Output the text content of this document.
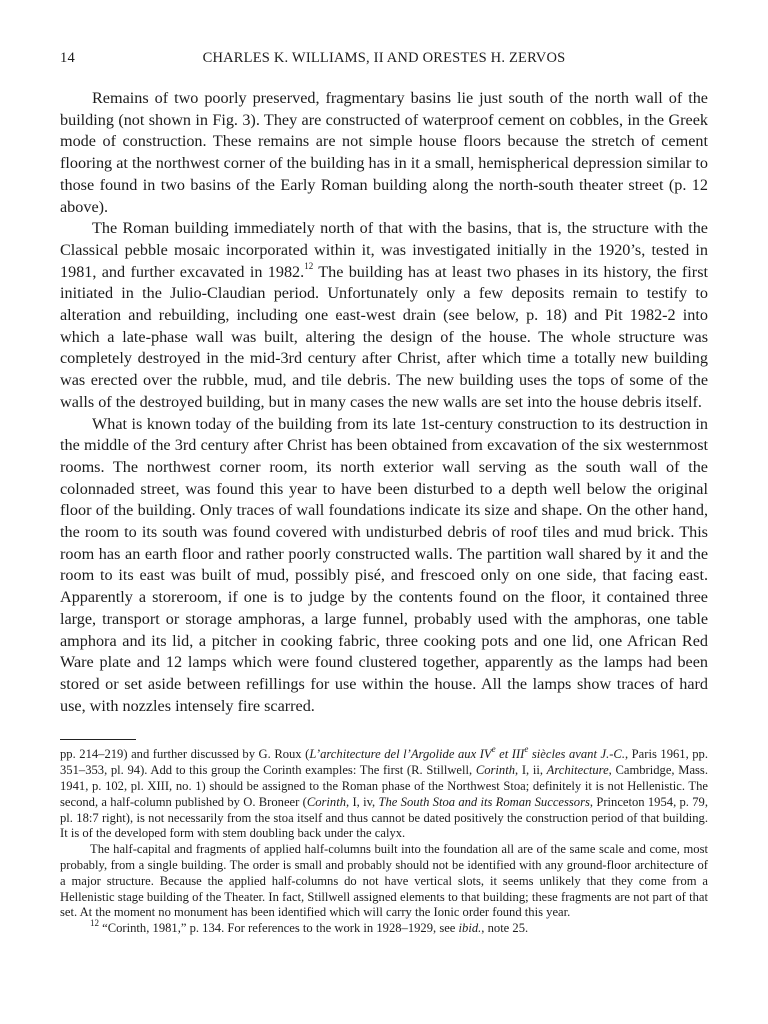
14	CHARLES K. WILLIAMS, II AND ORESTES H. ZERVOS

Remains of two poorly preserved, fragmentary basins lie just south of the north wall of the building (not shown in Fig. 3). They are constructed of waterproof cement on cobbles, in the Greek mode of construction. These remains are not simple house floors because the stretch of cement flooring at the northwest corner of the building has in it a small, hemispherical depression similar to those found in two basins of the Early Roman building along the north-south theater street (p. 12 above).

The Roman building immediately north of that with the basins, that is, the structure with the Classical pebble mosaic incorporated within it, was investigated initially in the 1920’s, tested in 1981, and further excavated in 1982.12 The building has at least two phases in its history, the first initiated in the Julio-Claudian period. Unfortunately only a few deposits remain to testify to alteration and rebuilding, including one east-west drain (see below, p. 18) and Pit 1982-2 into which a late-phase wall was built, altering the design of the house. The whole structure was completely destroyed in the mid-3rd century after Christ, after which time a totally new building was erected over the rubble, mud, and tile debris. The new building uses the tops of some of the walls of the destroyed building, but in many cases the new walls are set into the house debris itself.

What is known today of the building from its late 1st-century construction to its destruction in the middle of the 3rd century after Christ has been obtained from excavation of the six westernmost rooms. The northwest corner room, its north exterior wall serving as the south wall of the colonnaded street, was found this year to have been disturbed to a depth well below the original floor of the building. Only traces of wall foundations indicate its size and shape. On the other hand, the room to its south was found covered with undisturbed debris of roof tiles and mud brick. This room has an earth floor and rather poorly constructed walls. The partition wall shared by it and the room to its east was built of mud, possibly pisé, and frescoed only on one side, that facing east. Apparently a storeroom, if one is to judge by the contents found on the floor, it contained three large, transport or storage amphoras, a large funnel, probably used with the amphoras, one table amphora and its lid, a pitcher in cooking fabric, three cooking pots and one lid, one African Red Ware plate and 12 lamps which were found clustered together, apparently as the lamps had been stored or set aside between refillings for use within the house. All the lamps show traces of hard use, with nozzles intensely fire scarred.

pp. 214–219) and further discussed by G. Roux (L’architecture del l’Argolide aux IVe et IIIe siècles avant J.-C., Paris 1961, pp. 351–353, pl. 94). Add to this group the Corinth examples: The first (R. Stillwell, Corinth, I, ii, Architecture, Cambridge, Mass. 1941, p. 102, pl. XIII, no. 1) should be assigned to the Roman phase of the Northwest Stoa; definitely it is not Hellenistic. The second, a half-column published by O. Broneer (Corinth, I, iv, The South Stoa and its Roman Successors, Princeton 1954, p. 79, pl. 18:7 right), is not necessarily from the stoa itself and thus cannot be dated positively the construction period of that building. It is of the developed form with stem doubling back under the calyx.

The half-capital and fragments of applied half-columns built into the foundation all are of the same scale and come, most probably, from a single building. The order is small and probably should not be identified with any ground-floor architecture of a major structure. Because the applied half-columns do not have vertical slots, it seems unlikely that they come from a Hellenistic stage building of the Theater. In fact, Stillwell assigned elements to that building; these fragments are not part of that set. At the moment no monument has been identified which will carry the Ionic order found this year.

$^{12}$ “Corinth, 1981,” p. 134. For references to the work in 1928–1929, see ibid., note 25.
